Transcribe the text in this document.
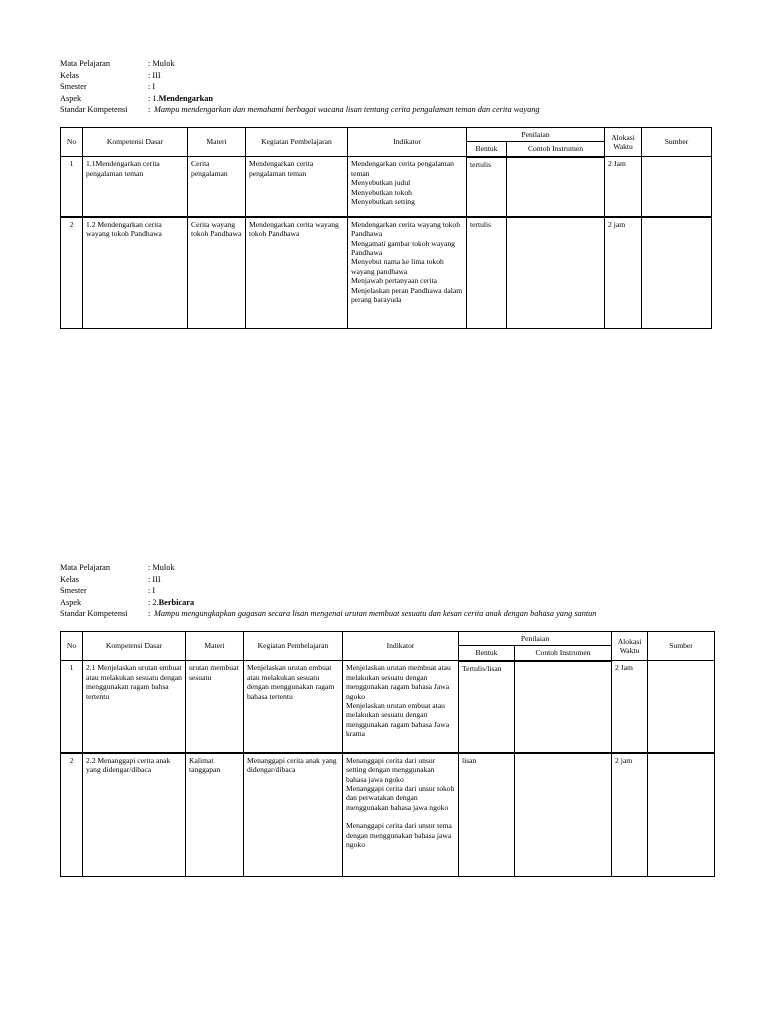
Mata Pelajaran	: Mulok
Kelas	: III
Smester	: I
Aspek	: 1. Mendengarkan
Standar Kompetensi	: Mampu mendengarkan dan memahami berbagai wacana lisan tentang cerita pengalaman teman dan cerita wayang
No	Kompetensi Dasar	Materi	Kegiatan Pembelajaran	Indikator	Penilaian		Alokasi Waktu	Sumber
					Bentuk	Contoh Instrumen		
1	1.1Mendengarkan cerita pengalaman teman	Cerita pengalaman	Mendengarkan cerita pengalaman teman	Mendengarkan cerita pengalaman teman
Menyebutkan judul
Menyebutkan tokoh
Menyebutkan setting	tertulis		2 Jam	
2	1.2 Mendengarkan cerita wayang tokoh Pandhawa	Cerita wayang tokoh Pandhawa	Mendengarkan cerita wayang tokoh Pandhawa	Mendengarkan cerita wayang tokoh Pandhawa
Mengamati gambar tokoh wayang Pandhawa
Menyebut nama ke lima tokoh wayang pandhawa
Menjawab pertanyaan cerita
Menjelaskan peran Pandhawa dalam perang barayuda	tertulis		2 jam	
Mata Pelajaran	: Mulok
Kelas	: III
Smester	: I
Aspek	: 2. Berbicara
Standar Kompetensi	: Mampu mengungkapkan gagasan secara lisan mengenai urutan membuat sesuatu dan kesan cerita anak dengan bahasa yang santun
No	Kompetensi Dasar	Materi	Kegiatan Pembelajaran	Indikator	Penilaian		Alokasi Waktu	Sumber
					Bentuk	Contoh Instrumen		
1	2.1 Menjelaskan urutan embuat atau melakukan sesuatu dengan menggunakan ragam bahsa tertentu	urutan membuat sesuatu	Menjelaskan urutan embuat atau melakukan sesuatu dengan menggunakan ragam bahasa tertentu	Menjelaskan urutan membuat atau melakukan sesuatu dengan menggunakan ragam bahasa Jawa ngoko
Menjelaskan urutan embuat atau melakukan sesuatu dengan menggunakan ragam bahasa Jawa krama	Tertulis/lisan		2 Jam	
2	2.2 Menanggapi cerita anak yang didengar/dibaca	Kalimat tanggapan	Menanggapi cerita anak yang didengar/dibaca	Menanggapi cerita dari unsur setting dengan menggunakan bahasa jawa ngoko
Menanggapi cerita dari unsur tokoh dan perwatakan dengan menggunakan bahasa jawa ngoko
Menanggapi cerita dari unsur tema dengan menggunakan bahasa jawa ngoko	lisan		2 jam	
